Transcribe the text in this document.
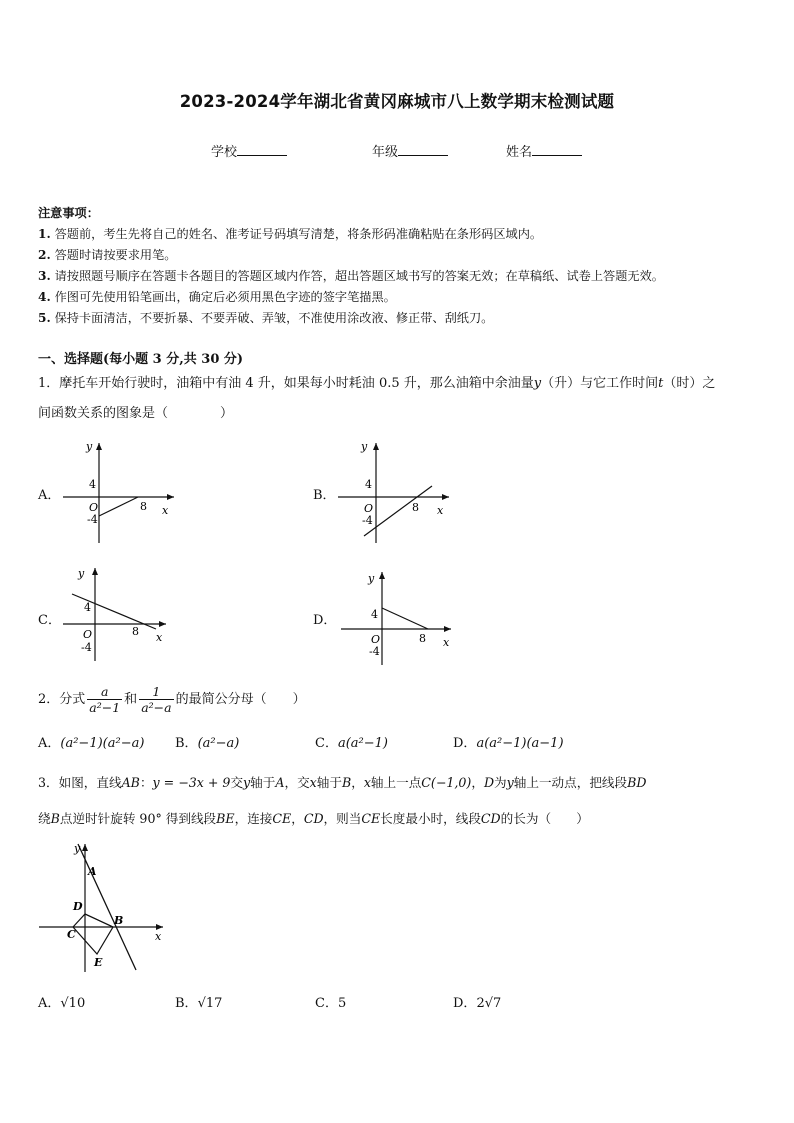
2023-2024学年湖北省黄冈麻城市八上数学期末检测试题
学校	年级	姓名
注意事项：
1. 答题前，考生先将自己的姓名、准考证号码填写清楚，将条形码准确粘贴在条形码区域内。
2. 答题时请按要求用笔。
3. 请按照题号顺序在答题卡各题目的答题区域内作答，超出答题区域书写的答案无效；在草稿纸、试卷上答题无效。
4. 作图可先使用铅笔画出，确定后必须用黑色字迹的签字笔描黑。
5. 保持卡面清洁，不要折暴、不要弄破、弄皱，不准使用涂改液、修正带、刮纸刀。
一、选择题(每小题 3 分,共 30 分)
1．摩托车开始行驶时，油箱中有油 4 升，如果每小时耗油 0.5 升，那么油箱中余油量y（升）与它工作时间t（时）之
间函数关系的图象是（　　　　）
A．	B．
C．	D．
y
x
4
O
-4
8
y
x
4
O
-4
8
y
x
4
O
-4
8
y
x
4
O
-4
8
2．分式 $\frac{a}{\text{a²−1}}$ 和 $\frac{1}{\text{a²−a}}$ 的最简公分母（　　）
A．(a²−1)(a²−a) B．(a²−a)	C．a(a²−1)	D．a(a²−1)(a−1)
3．如图，直线AB：y = −3x + 9交y轴于A，交x轴于B，x轴上一点C(−1,0)，D为y轴上一动点，把线段BD
绕B点逆时针旋转 90° 得到线段BE，连接CE，CD，则当CE长度最小时，线段CD的长为（　　）
y
x
A
D
B
C
E
A．√10	B．√17	C．5	D．2√7
